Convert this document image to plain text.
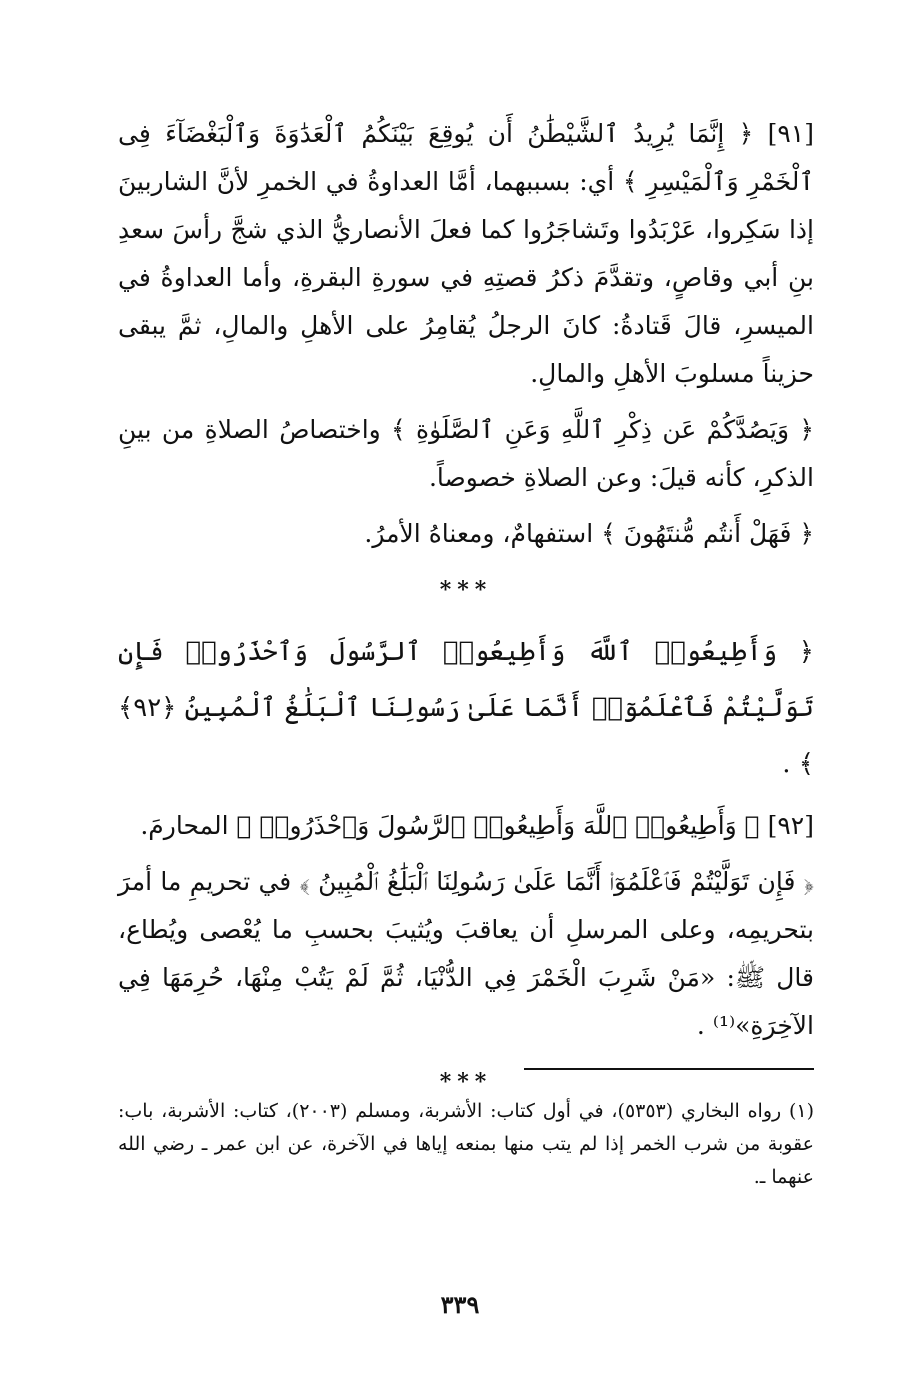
[٩١] ﴿ إِنَّمَا يُرِيدُ ٱلشَّيْطَٰنُ أَن يُوقِعَ بَيْنَكُمُ ٱلْعَدَٰوَةَ وَٱلْبَغْضَآءَ فِى ٱلْخَمْرِ وَٱلْمَيْسِرِ ﴾ أي: بسببهما، أمَّا العداوةُ في الخمرِ لأنَّ الشاربينَ إذا سَكِروا، عَرْبَدُوا وتَشاجَرُوا كما فعلَ الأنصاريُّ الذي شجَّ رأسَ سعدِ بنِ أبي وقاصٍ، وتقدَّمَ ذكرُ قصتِهِ في سورةِ البقرةِ، وأما العداوةُ في الميسرِ، قالَ قَتادةُ: كانَ الرجلُ يُقامِرُ على الأهلِ والمالِ، ثمَّ يبقى حزيناً مسلوبَ الأهلِ والمالِ.

﴿ وَيَصُدَّكُمْ عَن ذِكْرِ ٱللَّهِ وَعَنِ ٱلصَّلَوٰةِ ﴾ واختصاصُ الصلاةِ من بينِ الذكرِ، كأنه قيلَ: وعن الصلاةِ خصوصاً.

﴿ فَهَلْ أَنتُم مُّنتَهُونَ ﴾ استفهامٌ، ومعناهُ الأمرُ.

***

﴿ وَأَطِيعُوا۟ ٱللَّهَ وَأَطِيعُوا۟ ٱلرَّسُولَ وَٱحْذَرُوا۟ فَإِن تَوَلَّيْتُمْ فَٱعْلَمُوٓا۟ أَنَّمَا عَلَىٰ رَسُولِنَا ٱلْبَلَٰغُ ٱلْمُبِينُ ﴿٩٢﴾ ﴾ .

[٩٢] ﴿ وَأَطِيعُوا۟ ٱللَّهَ وَأَطِيعُوا۟ ٱلرَّسُولَ وَٱحْذَرُوا۟ ﴾ المحارمَ.

﴿ فَإِن تَوَلَّيْتُمْ فَٱعْلَمُوٓا۟ أَنَّمَا عَلَىٰ رَسُولِنَا ٱلْبَلَٰغُ ٱلْمُبِينُ ﴾ في تحريمِ ما أمرَ بتحريمِه، وعلى المرسلِ أن يعاقبَ ويُثيبَ بحسبِ ما يُعْصى ويُطاع، قال ﷺ: «مَنْ شَرِبَ الْخَمْرَ فِي الدُّنْيَا، ثُمَّ لَمْ يَتُبْ مِنْهَا، حُرِمَهَا فِي الآخِرَةِ»⁽¹⁾ .

***
(١) رواه البخاري (٥٣٥٣)، في أول كتاب: الأشربة، ومسلم (٢٠٠٣)، كتاب: الأشربة، باب: عقوبة من شرب الخمر إذا لم يتب منها بمنعه إياها في الآخرة، عن ابن عمر ـ رضي الله عنهما ـ.
٣٣٩
